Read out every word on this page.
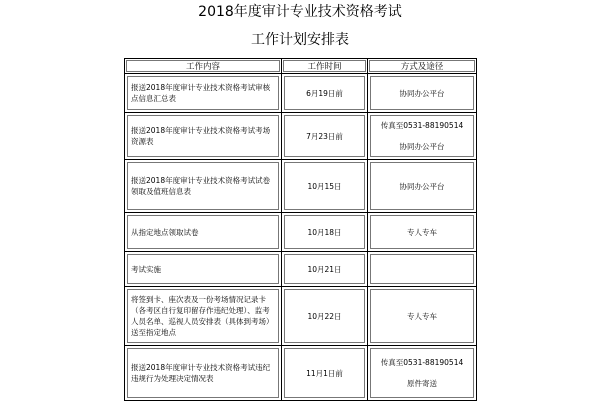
2018年度审计专业技术资格考试
工作计划安排表
工作内容	工作时间	方式及途径

报送2018年度审计专业技术资格考试审核点信息汇总表	6月19日前	协同办公平台

报送2018年度审计专业技术资格考试考场资源表	7月23日前	传真至0531-88190514
协同办公平台

报送2018年度审计专业技术资格考试试卷领取及值班信息表	10月15日	协同办公平台

从指定地点领取试卷	10月18日	专人专车

考试实施	10月21日	

将签到卡、座次表及一份考场情况记录卡（各考区自行复印留存作违纪处理）、监考人员名单、巡视人员安排表（具体到考场）送至指定地点	10月22日	专人专车

报送2018年度审计专业技术资格考试违纪违规行为处理决定情况表	11月1日前	传真至0531-88190514
原件寄送
